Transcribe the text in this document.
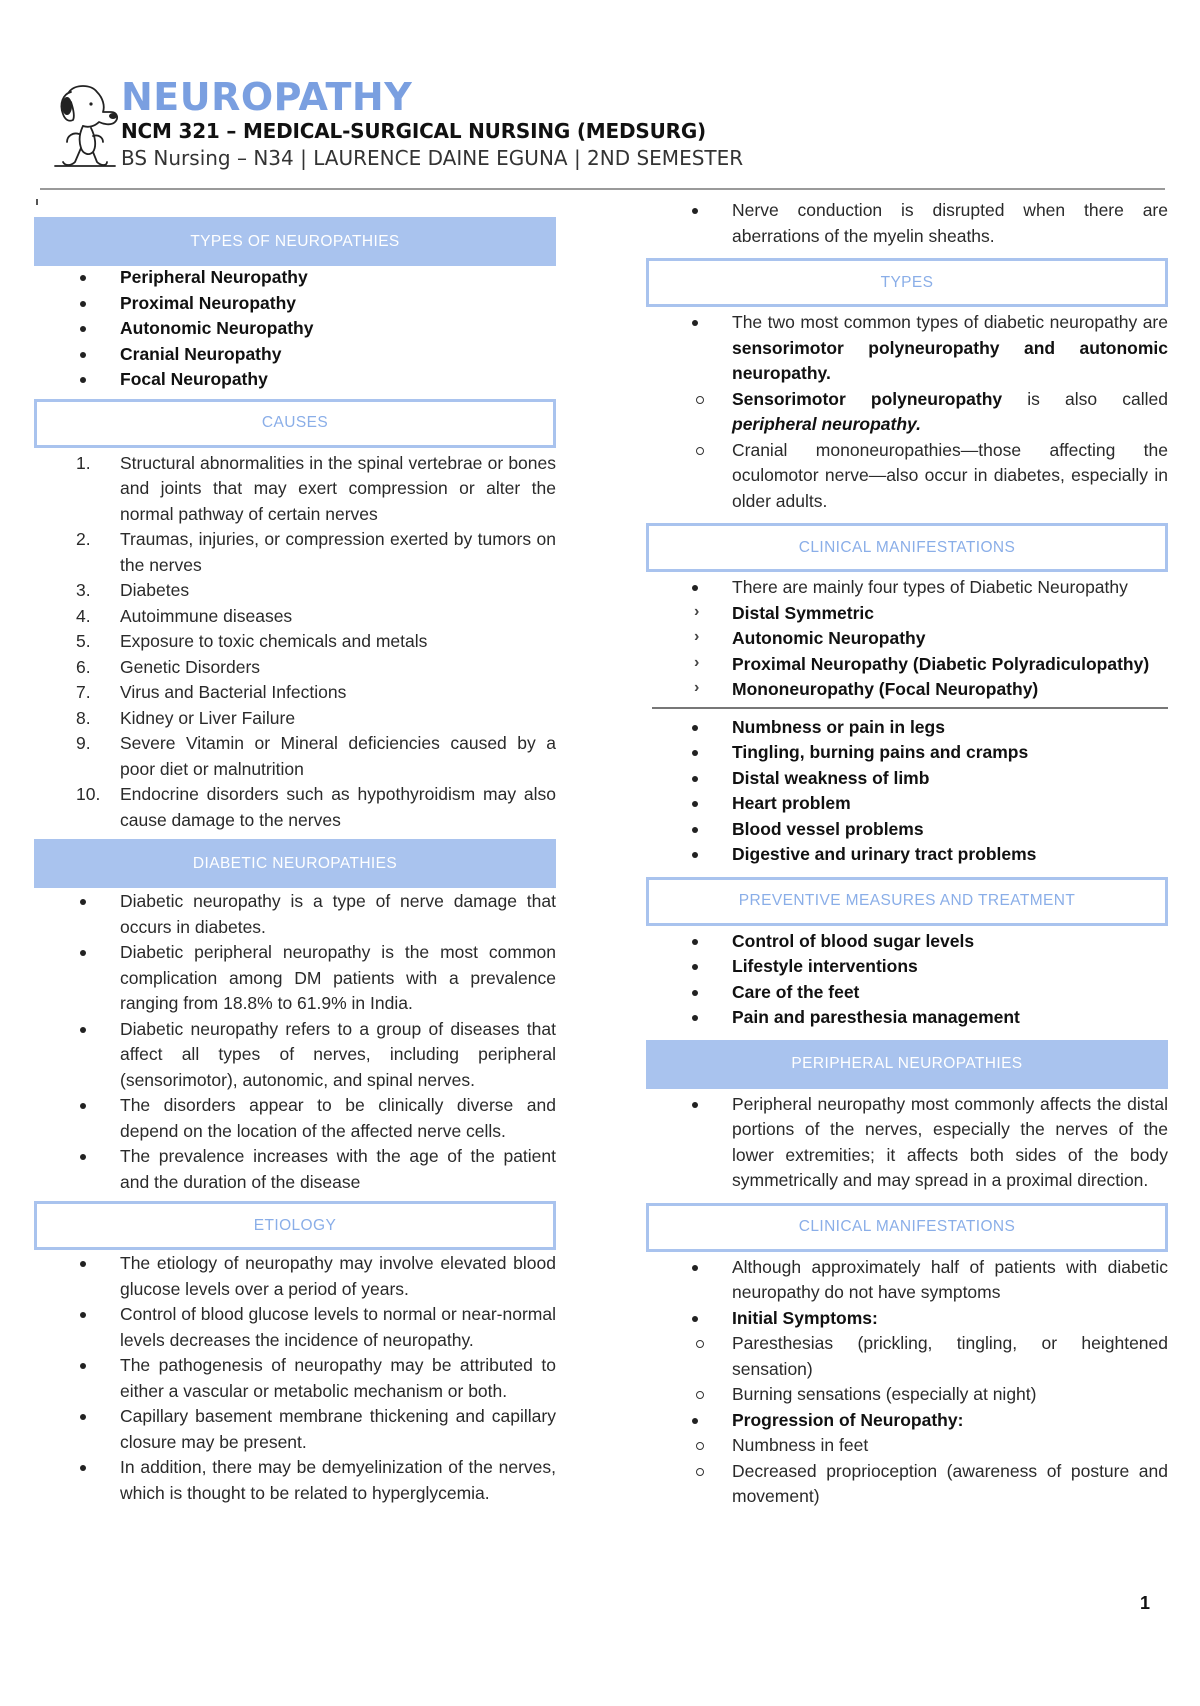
NEUROPATHY
NCM 321 – MEDICAL-SURGICAL NURSING (MEDSURG)
BS Nursing – N34 | LAURENCE DAINE EGUNA | 2ND SEMESTER
TYPES OF NEUROPATHIES
Peripheral Neuropathy
Proximal Neuropathy
Autonomic Neuropathy
Cranial Neuropathy
Focal Neuropathy
CAUSES
1. Structural abnormalities in the spinal vertebrae or bones and joints that may exert compression or alter the normal pathway of certain nerves
2. Traumas, injuries, or compression exerted by tumors on the nerves
3. Diabetes
4. Autoimmune diseases
5. Exposure to toxic chemicals and metals
6. Genetic Disorders
7. Virus and Bacterial Infections
8. Kidney or Liver Failure
9. Severe Vitamin or Mineral deficiencies caused by a poor diet or malnutrition
10. Endocrine disorders such as hypothyroidism may also cause damage to the nerves
DIABETIC NEUROPATHIES
Diabetic neuropathy is a type of nerve damage that occurs in diabetes.
Diabetic peripheral neuropathy is the most common complication among DM patients with a prevalence ranging from 18.8% to 61.9% in India.
Diabetic neuropathy refers to a group of diseases that affect all types of nerves, including peripheral (sensorimotor), autonomic, and spinal nerves.
The disorders appear to be clinically diverse and depend on the location of the affected nerve cells.
The prevalence increases with the age of the patient and the duration of the disease
ETIOLOGY
The etiology of neuropathy may involve elevated blood glucose levels over a period of years.
Control of blood glucose levels to normal or near-normal levels decreases the incidence of neuropathy.
The pathogenesis of neuropathy may be attributed to either a vascular or metabolic mechanism or both.
Capillary basement membrane thickening and capillary closure may be present.
In addition, there may be demyelinization of the nerves, which is thought to be related to hyperglycemia.
Nerve conduction is disrupted when there are aberrations of the myelin sheaths.
TYPES
The two most common types of diabetic neuropathy are sensorimotor polyneuropathy and autonomic neuropathy.
Sensorimotor polyneuropathy is also called peripheral neuropathy.
Cranial mononeuropathies—those affecting the oculomotor nerve—also occur in diabetes, especially in older adults.
CLINICAL MANIFESTATIONS
There are mainly four types of Diabetic Neuropathy
› Distal Symmetric
› Autonomic Neuropathy
› Proximal Neuropathy (Diabetic Polyradiculopathy)
› Mononeuropathy (Focal Neuropathy)
Numbness or pain in legs
Tingling, burning pains and cramps
Distal weakness of limb
Heart problem
Blood vessel problems
Digestive and urinary tract problems
PREVENTIVE MEASURES AND TREATMENT
Control of blood sugar levels
Lifestyle interventions
Care of the feet
Pain and paresthesia management
PERIPHERAL NEUROPATHIES
Peripheral neuropathy most commonly affects the distal portions of the nerves, especially the nerves of the lower extremities; it affects both sides of the body symmetrically and may spread in a proximal direction.
CLINICAL MANIFESTATIONS
Although approximately half of patients with diabetic neuropathy do not have symptoms
Initial Symptoms:
Paresthesias (prickling, tingling, or heightened sensation)
Burning sensations (especially at night)
Progression of Neuropathy:
Numbness in feet
Decreased proprioception (awareness of posture and movement)
1
